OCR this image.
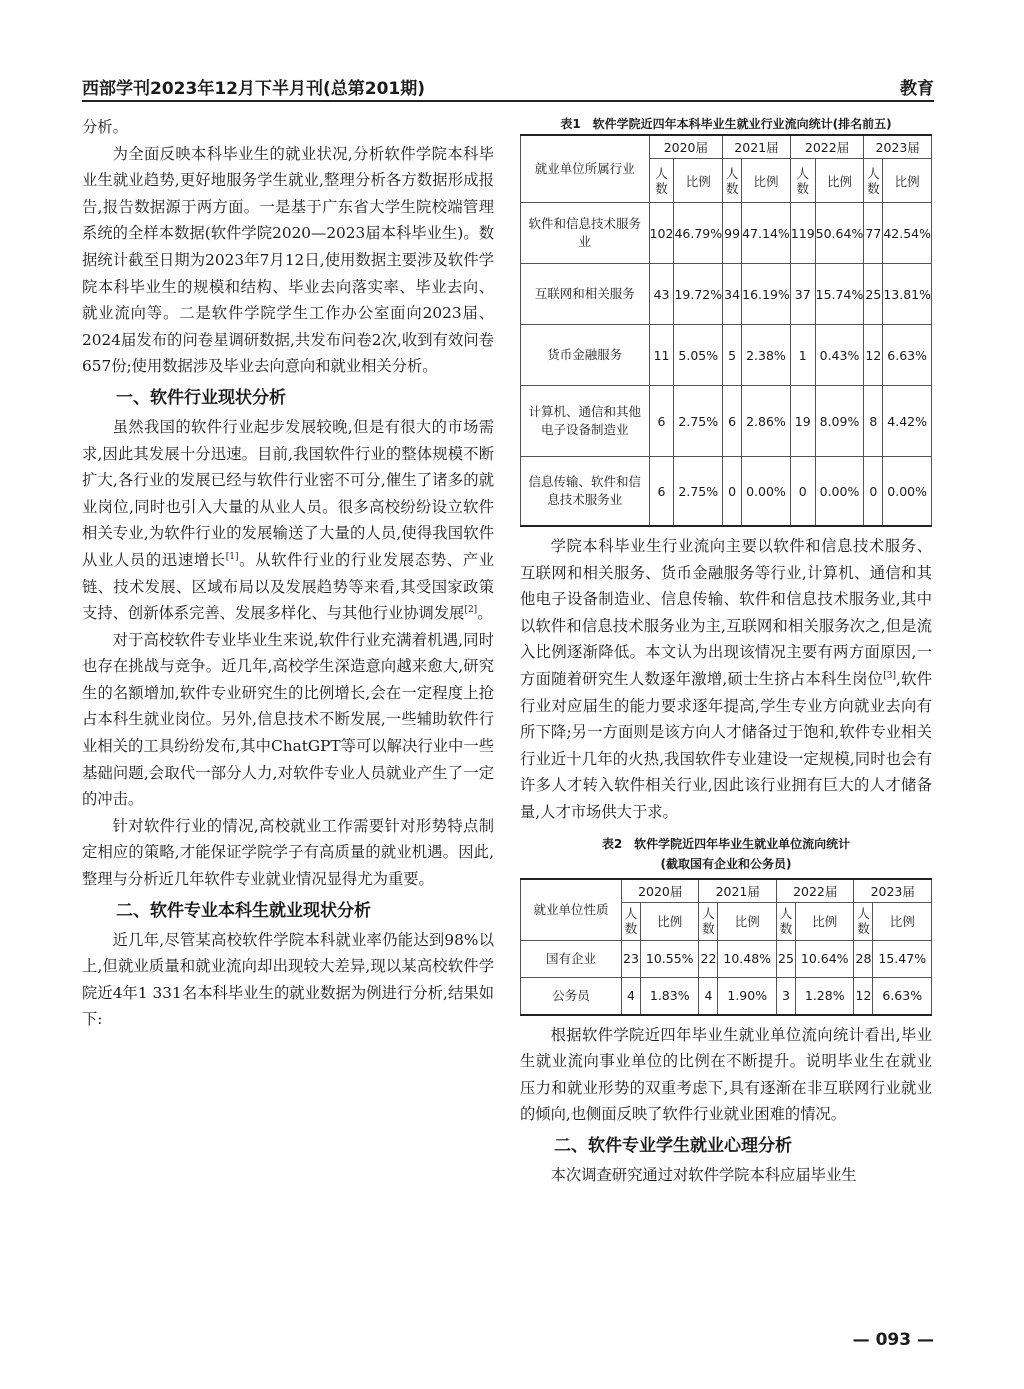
西部学刊2023年12月下半月刊(总第201期)	教育

分析。

为全面反映本科毕业生的就业状况,分析软件学院本科毕业生就业趋势,更好地服务学生就业,整理分析各方数据形成报告,报告数据源于两方面。一是基于广东省大学生院校端管理系统的全样本数据(软件学院2020—2023届本科毕业生)。数据统计截至日期为2023年7月12日,使用数据主要涉及软件学院本科毕业生的规模和结构、毕业去向落实率、毕业去向、就业流向等。二是软件学院学生工作办公室面向2023届、2024届发布的问卷星调研数据,共发布问卷2次,收到有效问卷657份;使用数据涉及毕业去向意向和就业相关分析。

一、软件行业现状分析

虽然我国的软件行业起步发展较晚,但是有很大的市场需求,因此其发展十分迅速。目前,我国软件行业的整体规模不断扩大,各行业的发展已经与软件行业密不可分,催生了诸多的就业岗位,同时也引入大量的从业人员。很多高校纷纷设立软件相关专业,为软件行业的发展输送了大量的人员,使得我国软件从业人员的迅速增长[1]。从软件行业的行业发展态势、产业链、技术发展、区域布局以及发展趋势等来看,其受国家政策支持、创新体系完善、发展多样化、与其他行业协调发展[2]。

对于高校软件专业毕业生来说,软件行业充满着机遇,同时也存在挑战与竞争。近几年,高校学生深造意向越来愈大,研究生的名额增加,软件专业研究生的比例增长,会在一定程度上抢占本科生就业岗位。另外,信息技术不断发展,一些辅助软件行业相关的工具纷纷发布,其中ChatGPT等可以解决行业中一些基础问题,会取代一部分人力,对软件专业人员就业产生了一定的冲击。

针对软件行业的情况,高校就业工作需要针对形势特点制定相应的策略,才能保证学院学子有高质量的就业机遇。因此,整理与分析近几年软件专业就业情况显得尤为重要。

二、软件专业本科生就业现状分析

近几年,尽管某高校软件学院本科就业率仍能达到98%以上,但就业质量和就业流向却出现较大差异,现以某高校软件学院近4年1 331名本科毕业生的就业数据为例进行分析,结果如下:

表1　软件学院近四年本科毕业生就业行业流向统计(排名前五)
就业单位所属行业	2020届		2021届		2022届		2023届	
	人数	比例	人数	比例	人数	比例	人数	比例
软件和信息技术服务业	102	46.79%	99	47.14%	119	50.64%	77	42.54%
互联网和相关服务	43	19.72%	34	16.19%	37	15.74%	25	13.81%
货币金融服务	11	5.05%	5	2.38%	1	0.43%	12	6.63%
计算机、通信和其他电子设备制造业	6	2.75%	6	2.86%	19	8.09%	8	4.42%
信息传输、软件和信息技术服务业	6	2.75%	0	0.00%	0	0.00%	0	0.00%

学院本科毕业生行业流向主要以软件和信息技术服务、互联网和相关服务、货币金融服务等行业,计算机、通信和其他电子设备制造业、信息传输、软件和信息技术服务业,其中以软件和信息技术服务业为主,互联网和相关服务次之,但是流入比例逐渐降低。本文认为出现该情况主要有两方面原因,一方面随着研究生人数逐年激增,硕士生挤占本科生岗位[3],软件行业对应届生的能力要求逐年提高,学生专业方向就业去向有所下降;另一方面则是该方向人才储备过于饱和,软件专业相关行业近十几年的火热,我国软件专业建设一定规模,同时也会有许多人才转入软件相关行业,因此该行业拥有巨大的人才储备量,人才市场供大于求。

表2　软件学院近四年毕业生就业单位流向统计
(截取国有企业和公务员)
就业单位性质	2020届		2021届		2022届		2023届	
	人数	比例	人数	比例	人数	比例	人数	比例
国有企业	23	10.55%	22	10.48%	25	10.64%	28	15.47%
公务员	4	1.83%	4	1.90%	3	1.28%	12	6.63%

根据软件学院近四年毕业生就业单位流向统计看出,毕业生就业流向事业单位的比例在不断提升。说明毕业生在就业压力和就业形势的双重考虑下,具有逐渐在非互联网行业就业的倾向,也侧面反映了软件行业就业困难的情况。

二、软件专业学生就业心理分析

本次调查研究通过对软件学院本科应届毕业生

— 093 —
